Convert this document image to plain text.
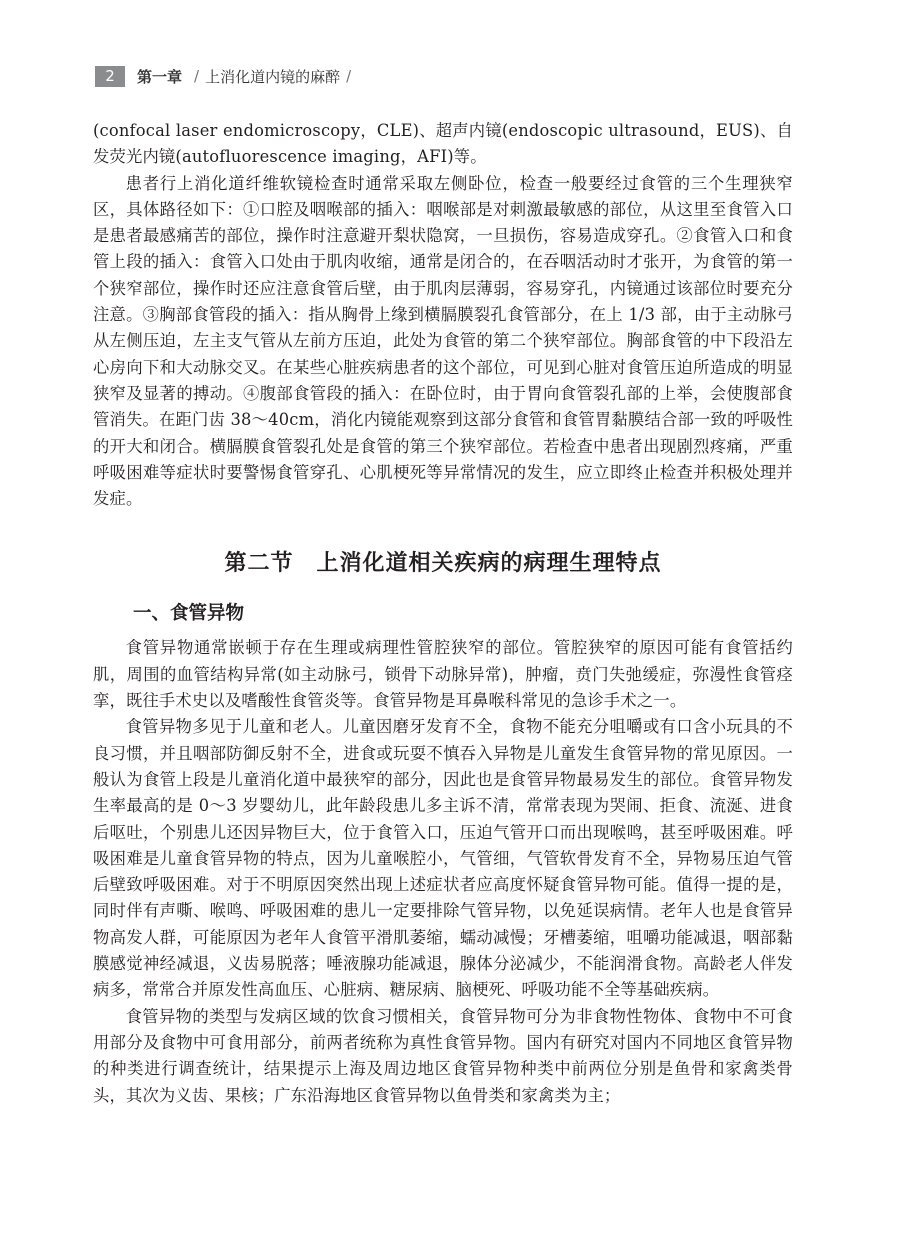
2	第一章 / 上消化道内镜的麻醉 /

(confocal laser endomicroscopy，CLE)、超声内镜(endoscopic ultrasound，EUS)、自发荧光内镜(autofluorescence imaging，AFI)等。

患者行上消化道纤维软镜检查时通常采取左侧卧位，检查一般要经过食管的三个生理狭窄区，具体路径如下：①口腔及咽喉部的插入：咽喉部是对刺激最敏感的部位，从这里至食管入口是患者最感痛苦的部位，操作时注意避开梨状隐窝，一旦损伤，容易造成穿孔。②食管入口和食管上段的插入：食管入口处由于肌肉收缩，通常是闭合的，在吞咽活动时才张开，为食管的第一个狭窄部位，操作时还应注意食管后壁，由于肌肉层薄弱，容易穿孔，内镜通过该部位时要充分注意。③胸部食管段的插入：指从胸骨上缘到横膈膜裂孔食管部分，在上 1/3 部，由于主动脉弓从左侧压迫，左主支气管从左前方压迫，此处为食管的第二个狭窄部位。胸部食管的中下段沿左心房向下和大动脉交叉。在某些心脏疾病患者的这个部位，可见到心脏对食管压迫所造成的明显狭窄及显著的搏动。④腹部食管段的插入：在卧位时，由于胃向食管裂孔部的上举，会使腹部食管消失。在距门齿 38～40cm，消化内镜能观察到这部分食管和食管胃黏膜结合部一致的呼吸性的开大和闭合。横膈膜食管裂孔处是食管的第三个狭窄部位。若检查中患者出现剧烈疼痛，严重呼吸困难等症状时要警惕食管穿孔、心肌梗死等异常情况的发生，应立即终止检查并积极处理并发症。

第二节　上消化道相关疾病的病理生理特点
一、食管异物

食管异物通常嵌顿于存在生理或病理性管腔狭窄的部位。管腔狭窄的原因可能有食管括约肌，周围的血管结构异常(如主动脉弓，锁骨下动脉异常)，肿瘤，贲门失弛缓症，弥漫性食管痉挛，既往手术史以及嗜酸性食管炎等。食管异物是耳鼻喉科常见的急诊手术之一。

食管异物多见于儿童和老人。儿童因磨牙发育不全，食物不能充分咀嚼或有口含小玩具的不良习惯，并且咽部防御反射不全，进食或玩耍不慎吞入异物是儿童发生食管异物的常见原因。一般认为食管上段是儿童消化道中最狭窄的部分，因此也是食管异物最易发生的部位。食管异物发生率最高的是 0～3 岁婴幼儿，此年龄段患儿多主诉不清，常常表现为哭闹、拒食、流涎、进食后呕吐，个别患儿还因异物巨大，位于食管入口，压迫气管开口而出现喉鸣，甚至呼吸困难。呼吸困难是儿童食管异物的特点，因为儿童喉腔小，气管细，气管软骨发育不全，异物易压迫气管后壁致呼吸困难。对于不明原因突然出现上述症状者应高度怀疑食管异物可能。值得一提的是，同时伴有声嘶、喉鸣、呼吸困难的患儿一定要排除气管异物，以免延误病情。老年人也是食管异物高发人群，可能原因为老年人食管平滑肌萎缩，蠕动减慢；牙槽萎缩，咀嚼功能减退，咽部黏膜感觉神经减退，义齿易脱落；唾液腺功能减退，腺体分泌减少，不能润滑食物。高龄老人伴发病多，常常合并原发性高血压、心脏病、糖尿病、脑梗死、呼吸功能不全等基础疾病。

食管异物的类型与发病区域的饮食习惯相关，食管异物可分为非食物性物体、食物中不可食用部分及食物中可食用部分，前两者统称为真性食管异物。国内有研究对国内不同地区食管异物的种类进行调查统计，结果提示上海及周边地区食管异物种类中前两位分别是鱼骨和家禽类骨头，其次为义齿、果核；广东沿海地区食管异物以鱼骨类和家禽类为主；
